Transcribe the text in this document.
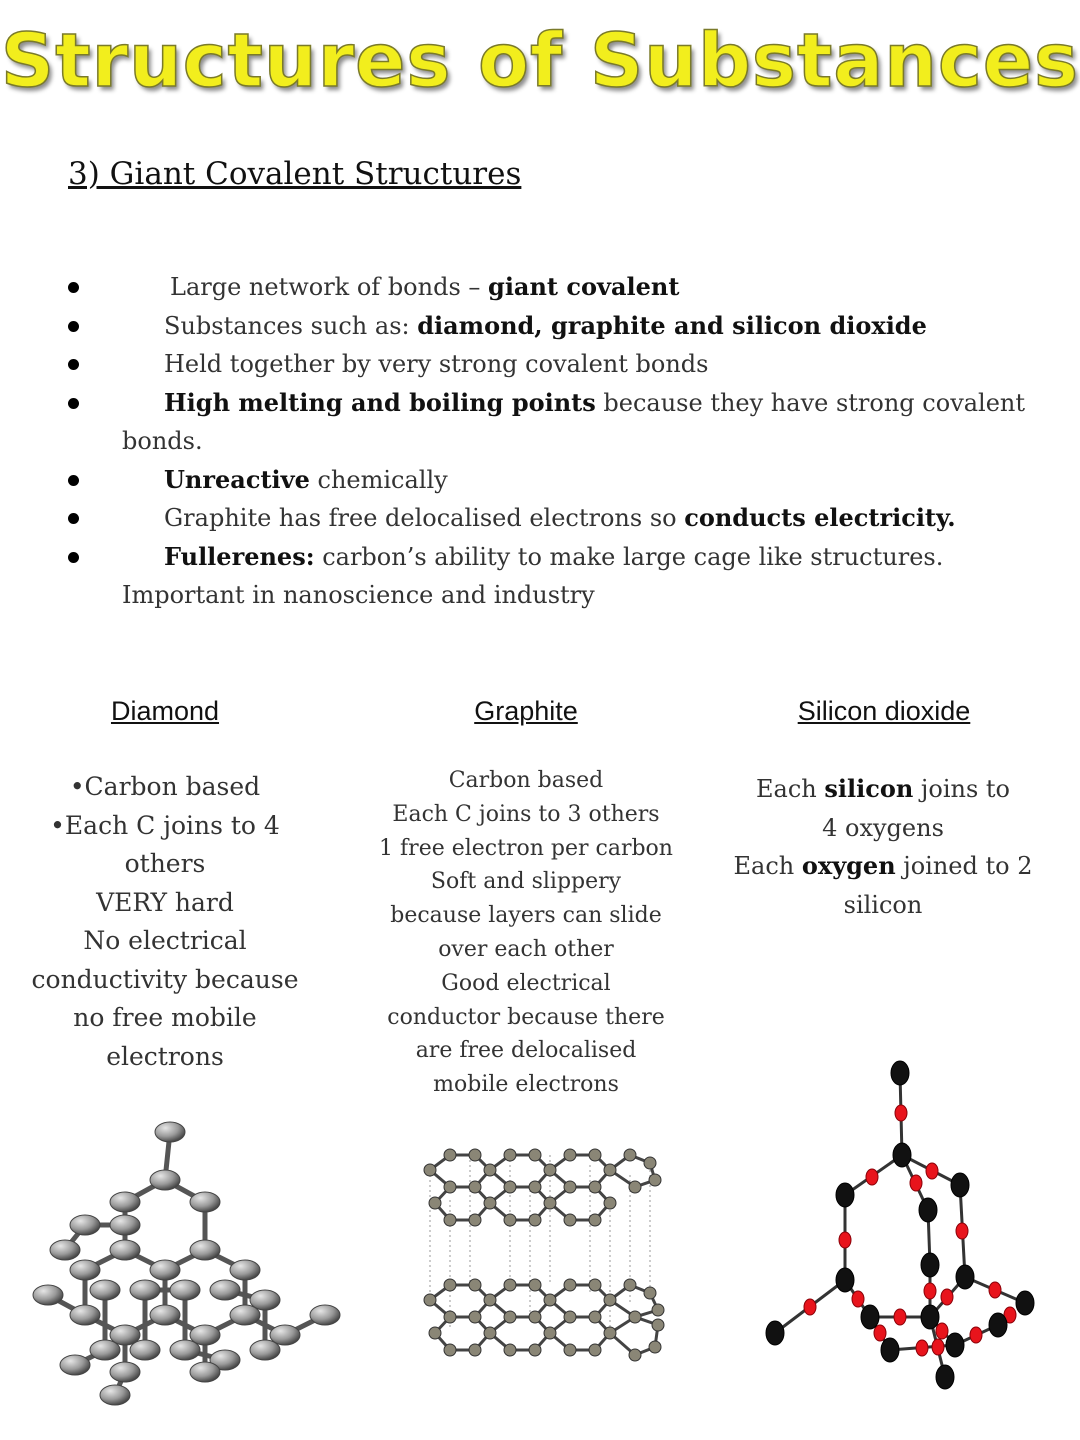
Structures of Substances
3) Giant Covalent Structures
Large network of bonds – giant covalent
Substances such as: diamond, graphite and silicon dioxide
Held together by very strong covalent bonds
High melting and boiling points because they have strong covalent
bonds.
Unreactive chemically
Graphite has free delocalised electrons so conducts electricity.
Fullerenes: carbon’s ability to make large cage like structures.
Important in nanoscience and industry
Diamond	Graphite	Silicon dioxide
•Carbon based
•Each C joins to 4
others
VERY hard
No electrical
conductivity because
no free mobile
electrons
Carbon based
Each C joins to 3 others
1 free electron per carbon
Soft and slippery
because layers can slide
over each other
Good electrical
conductor because there
are free delocalised
mobile electrons
Each silicon joins to
4 oxygens
Each oxygen joined to 2
silicon
